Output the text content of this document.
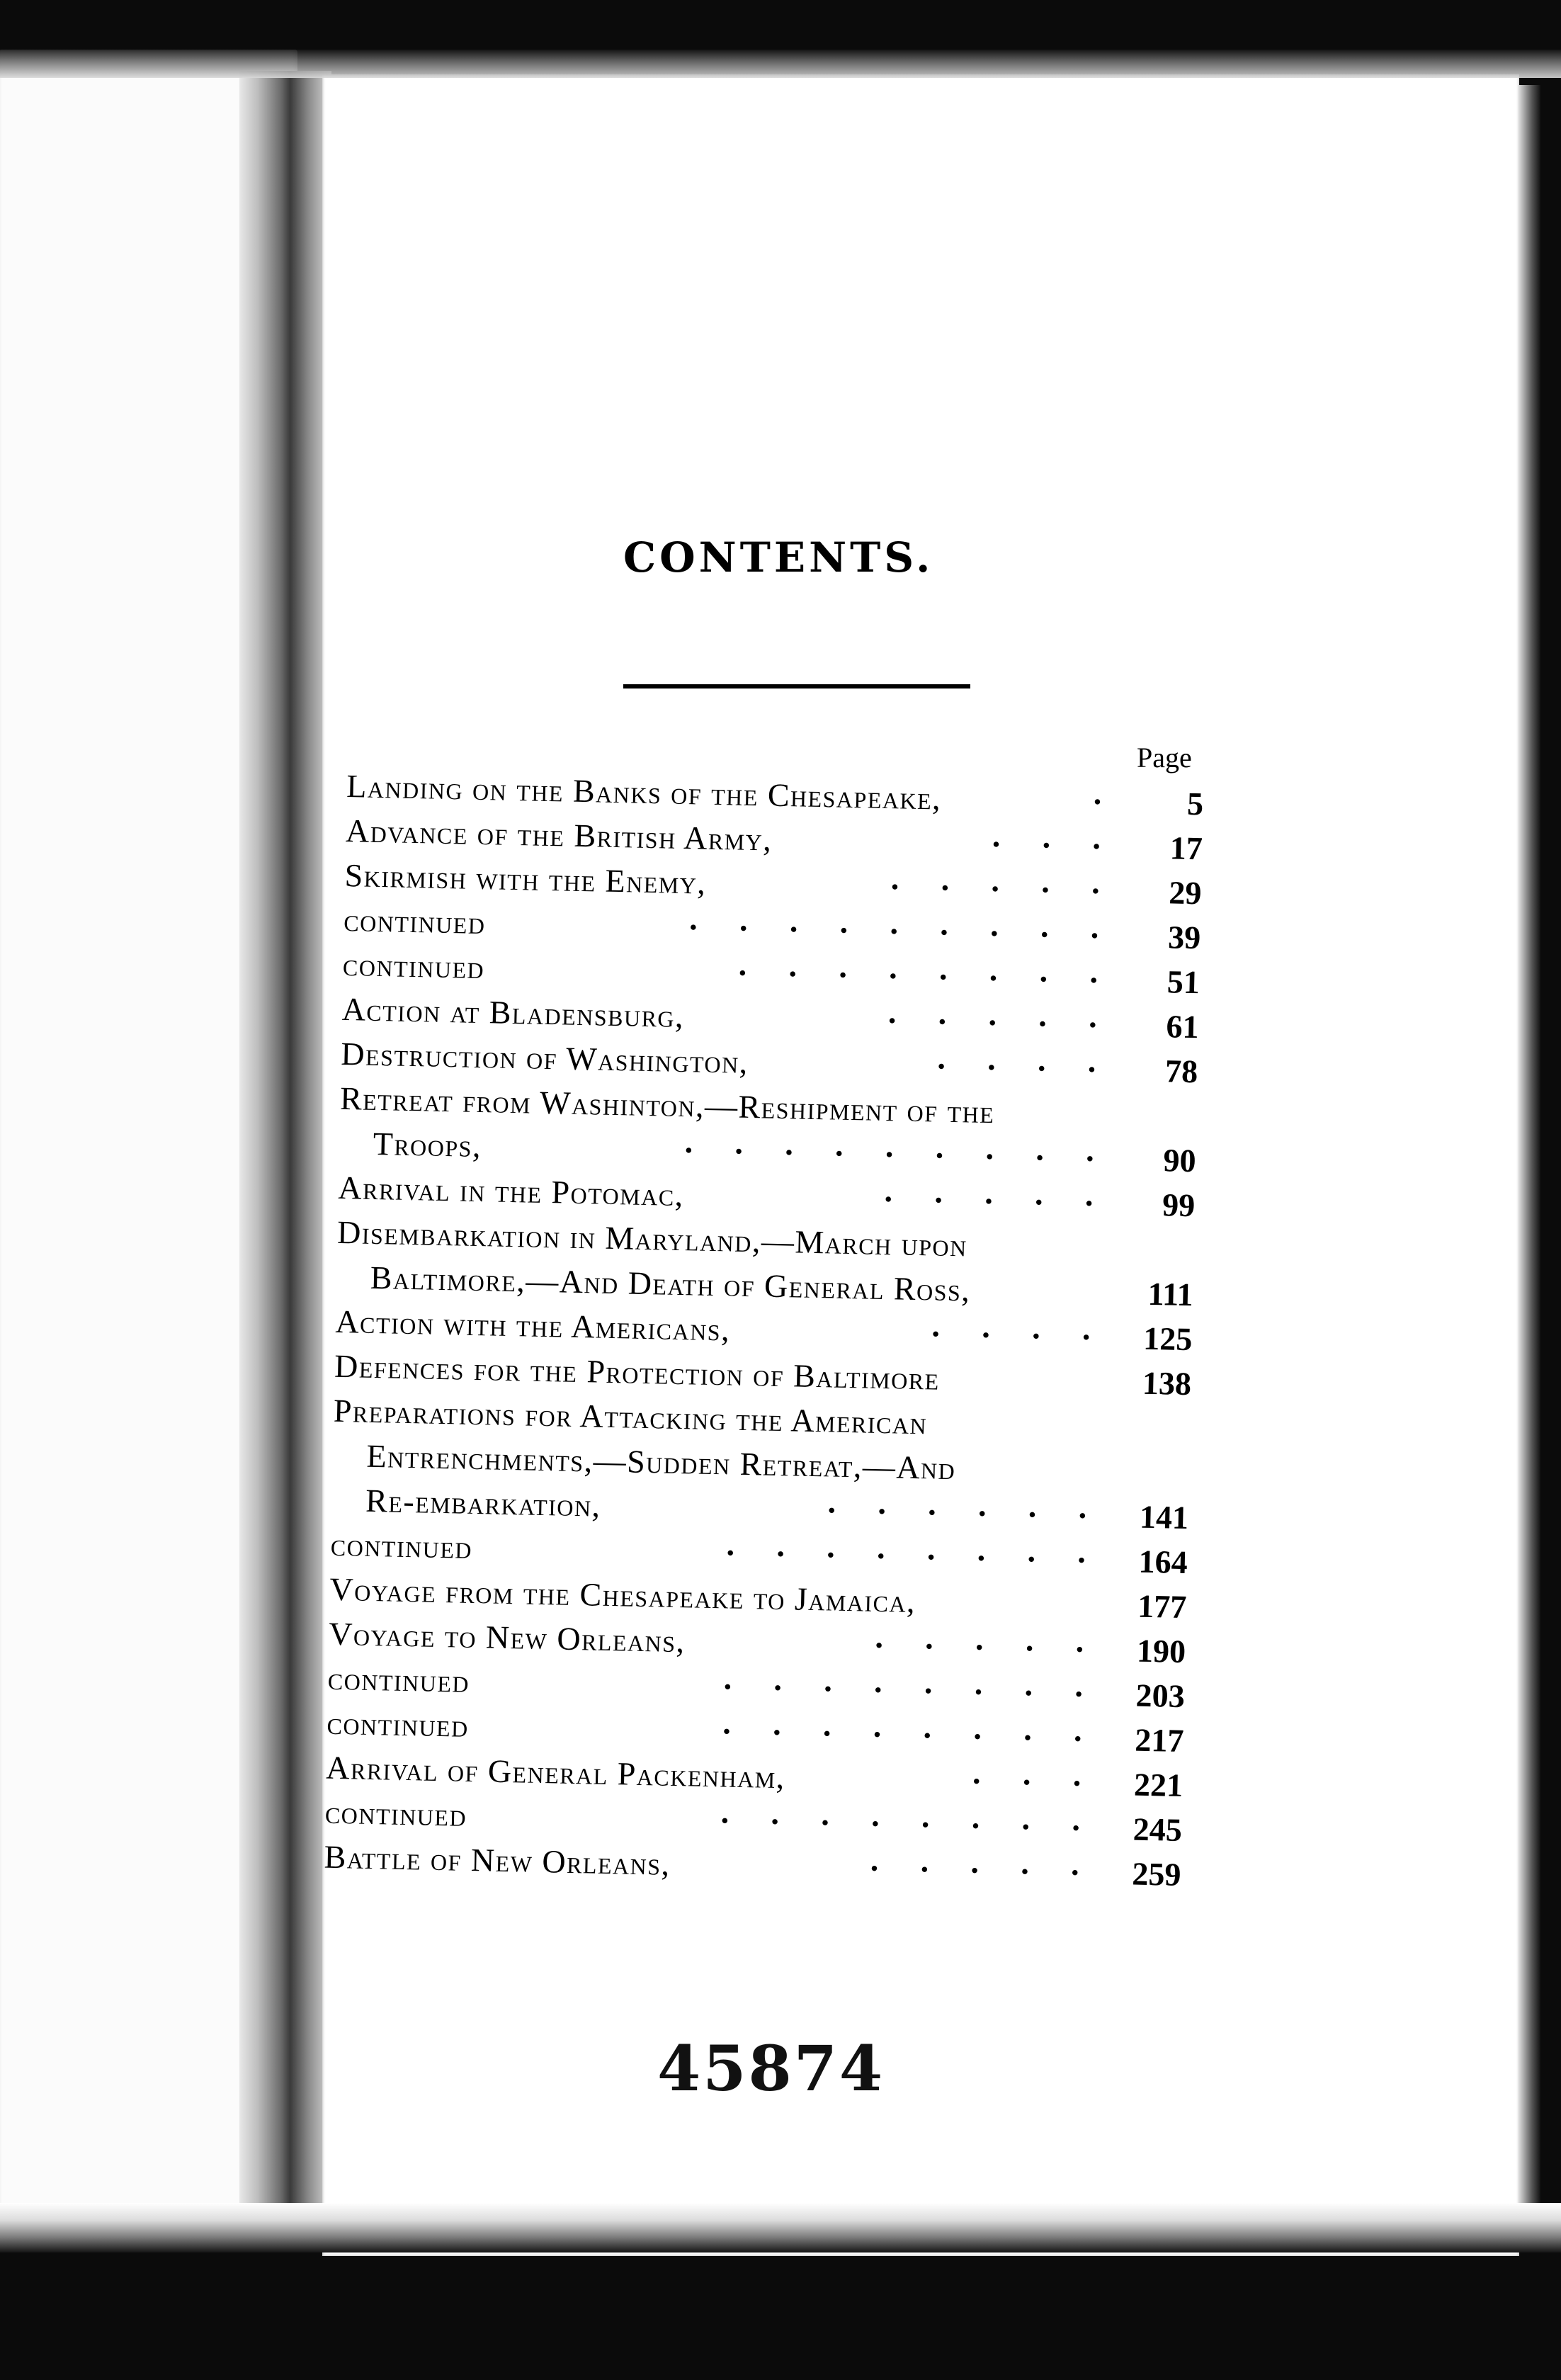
CONTENTS.
Page
Landing on the Banks of the Chesapeake,	·	5
Advance of the British Army,	· · ·	17
Skirmish with the Enemy,	· · · · ·	29
continued	· · · · · · · · ·	39
continued	· · · · · · · ·	51
Action at Bladensburg,	· · · · ·	61
Destruction of Washington,	· · · ·	78
Retreat from Washinton,—Reshipment of the
Troops,	· · · · · · · · ·	90
Arrival in the Potomac,	· · · · ·	99
Disembarkation in Maryland,—March upon
Baltimore,—And Death of General Ross,	111
Action with the Americans,	· · · ·	125
Defences for the Protection of Baltimore	138
Preparations for Attacking the American
Entrenchments,—Sudden Retreat,—And
Re-embarkation,	· · · · · ·	141
continued	· · · · · · · ·	164
Voyage from the Chesapeake to Jamaica,	177
Voyage to New Orleans,	· · · · ·	190
continued	· · · · · · · ·	203
continued	· · · · · · · ·	217
Arrival of General Packenham,	· · ·	221
continued	· · · · · · · ·	245
Battle of New Orleans,	· · · · ·	259
45874
